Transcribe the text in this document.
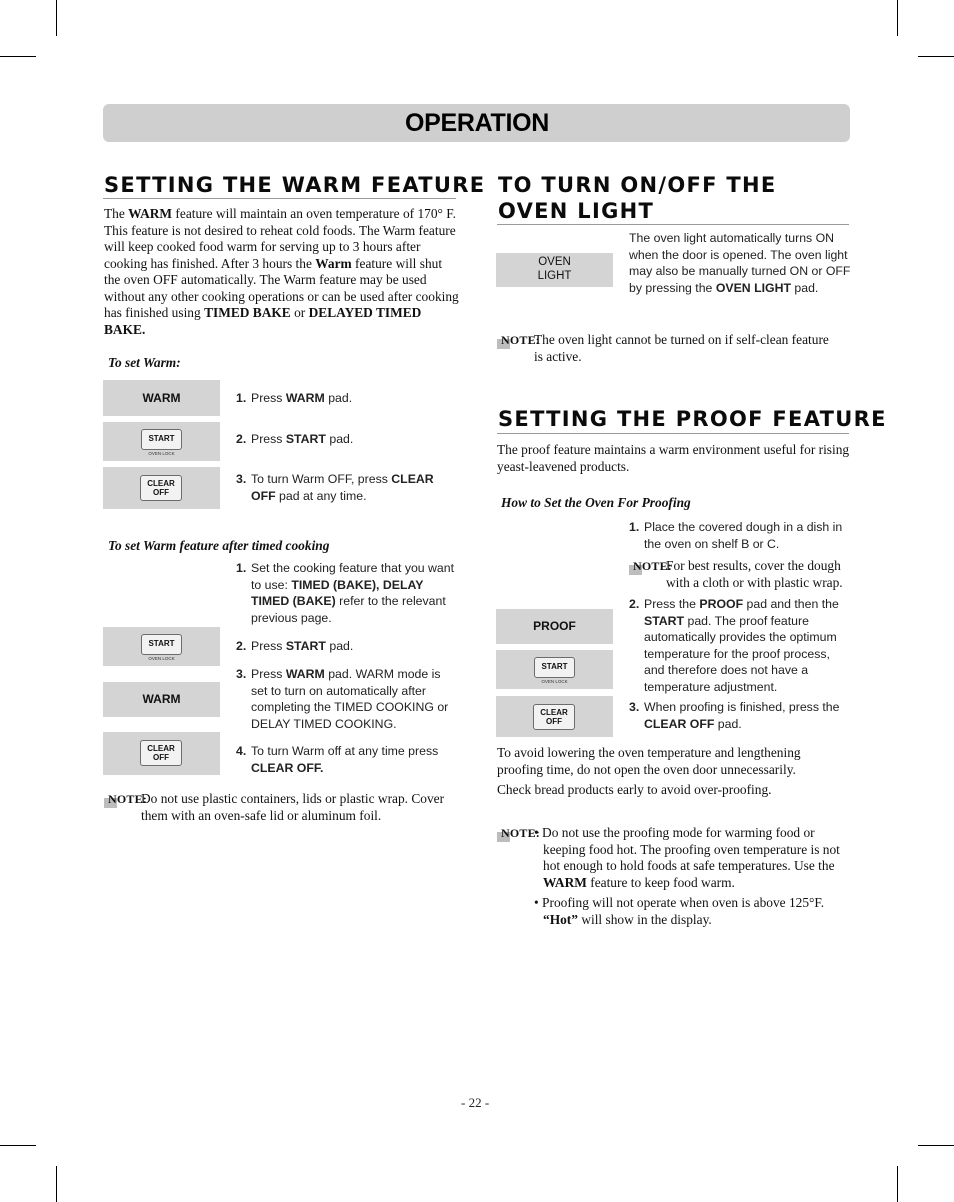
OPERATION
SETTING THE WARM FEATURE

The WARM feature will maintain an oven temperature of 170° F. This feature is not desired to reheat cold foods. The Warm feature will keep cooked food warm for serving up to 3 hours after cooking has finished. After 3 hours the Warm feature will shut the oven OFF automatically. The Warm feature may be used without any other cooking operations or can be used after cooking has finished using TIMED BAKE or DELAYED TIMED BAKE.

To set Warm:

WARM
START
OVEN LOCK
CLEAR
OFF
1. Press WARM pad.
2. Press START pad.
3. To turn Warm OFF, press CLEAR OFF pad at any time.

To set Warm feature after timed cooking

1. Set the cooking feature that you want to use: TIMED (BAKE), DELAY TIMED (BAKE) refer to the relevant previous page.
START
OVEN LOCK
2. Press START pad.
WARM
3. Press WARM pad. WARM mode is set to turn on automatically after completing the TIMED COOKING or DELAY TIMED COOKING.
CLEAR
OFF	4. To turn Warm off at any time press CLEAR OFF.
NOTE:

Do not use plastic containers, lids or plastic wrap. Cover them with an oven-safe lid or aluminum foil.

TO TURN ON/OFF THE OVEN LIGHT
OVEN
LIGHT
The oven light automatically turns ON when the door is opened. The oven light may also be manually turned ON or OFF by pressing the OVEN LIGHT pad.
NOTE:

The oven light cannot be turned on if self-clean feature is active.

SETTING THE PROOF FEATURE

The proof feature maintains a warm environment useful for rising yeast-leavened products.

How to Set the Oven For Proofing

1. Place the covered dough in a dish in the oven on shelf B or C.
NOTE:

For best results, cover the dough with a cloth or with plastic wrap.

PROOF
START
OVEN LOCK
CLEAR
OFF
2. Press the PROOF pad and then the START pad. The proof feature automatically provides the optimum temperature for the proof process, and therefore does not have a temperature adjustment.
3. When proofing is finished, press the CLEAR OFF pad.

To avoid lowering the oven temperature and lengthening proofing time, do not open the oven door unnecessarily.

Check bread products early to avoid over-proofing.

NOTE:

• Do not use the proofing mode for warming food or keeping food hot. The proofing oven temperature is not hot enough to hold foods at safe temperatures. Use the WARM feature to keep food warm.

• Proofing will not operate when oven is above 125°F. “Hot” will show in the display.

- 22 -
